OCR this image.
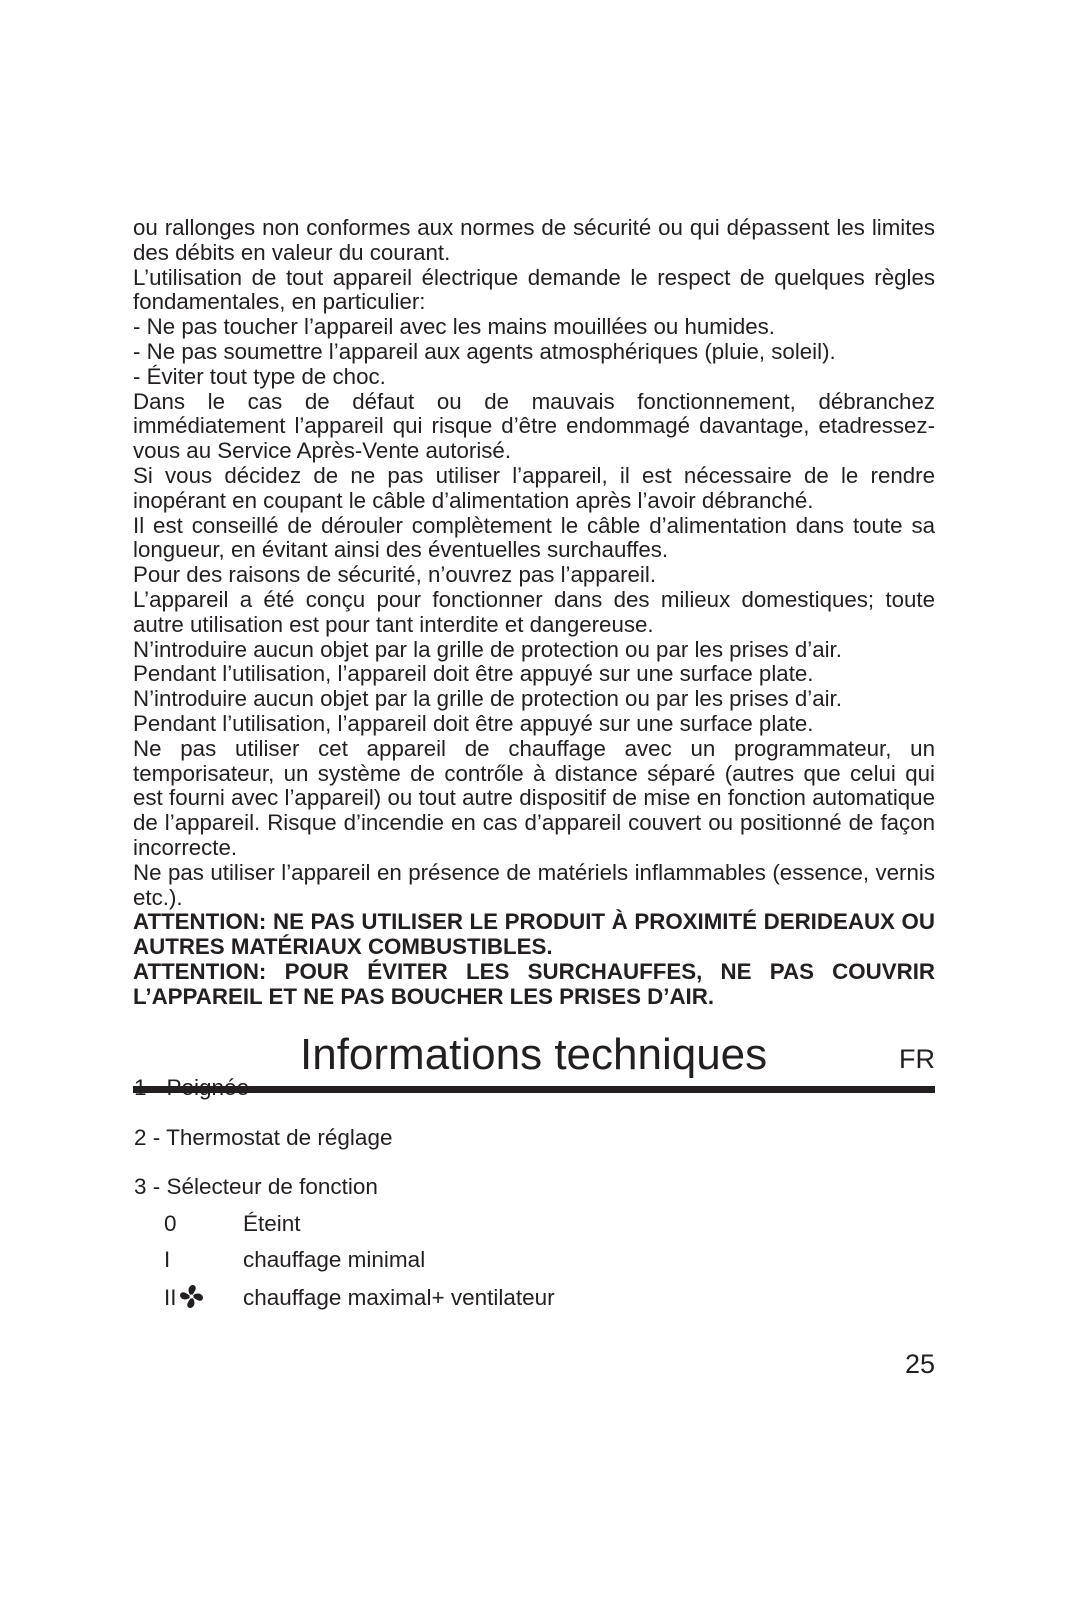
ou rallonges non conformes aux normes de sécurité ou qui dépassent les limites des débits en valeur du courant.

L’utilisation de tout appareil électrique demande le respect de quelques règles fondamentales, en particulier:

- Ne pas toucher l’appareil avec les mains mouillées ou humides.

- Ne pas soumettre l’appareil aux agents atmosphériques (pluie, soleil).

- Éviter tout type de choc.

Dans le cas de défaut ou de mauvais fonctionnement, débranchez immédiatement l’appareil qui risque d’être endommagé davantage, etadressez-vous au Service Après-Vente autorisé.

Si vous décidez de ne pas utiliser l’appareil, il est nécessaire de le rendre inopérant en coupant le câble d’alimentation après l’avoir débranché.

Il est conseillé de dérouler complètement le câble d’alimentation dans toute sa longueur, en évitant ainsi des éventuelles surchauffes.

Pour des raisons de sécurité, n’ouvrez pas l’appareil.

L’appareil a été conçu pour fonctionner dans des milieux domestiques; toute autre utilisation est pour tant interdite et dangereuse.

N’introduire aucun objet par la grille de protection ou par les prises d’air.

Pendant l’utilisation, l’appareil doit être appuyé sur une surface plate.

N’introduire aucun objet par la grille de protection ou par les prises d’air.

Pendant l’utilisation, l’appareil doit être appuyé sur une surface plate.

Ne pas utiliser cet appareil de chauffage avec un programmateur, un temporisateur, un système de contrőle à distance séparé (autres que celui qui est fourni avec l’appareil) ou tout autre dispositif de mise en fonction automatique de l’appareil. Risque d’incendie en cas d’appareil couvert ou positionné de façon incorrecte.

Ne pas utiliser l’appareil en présence de matériels inflammables (essence, vernis etc.).

ATTENTION: NE PAS UTILISER LE PRODUIT À PROXIMITÉ DERIDEAUX OU AUTRES MATÉRIAUX COMBUSTIBLES.

ATTENTION: POUR ÉVITER LES SURCHAUFFES, NE PAS COUVRIR L’APPAREIL ET NE PAS BOUCHER LES PRISES D’AIR.

Informations techniques	FR
1 - Poignée
2 - Thermostat de réglage
3 - Sélecteur de fonction
0	Éteint
I	chauffage minimal
II	chauffage maximal+ ventilateur
25
